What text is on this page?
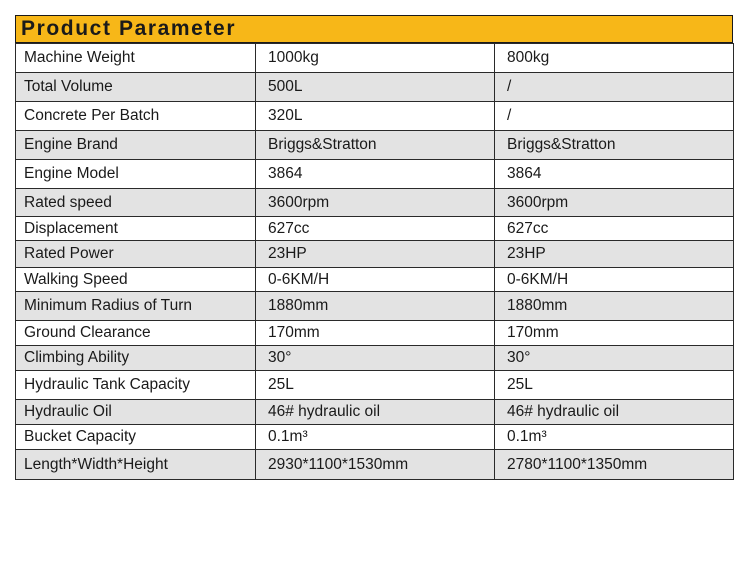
Product Parameter
Machine Weight	1000kg	800kg
Total Volume	500L	/
Concrete Per Batch	320L	/
Engine Brand	Briggs&Stratton	Briggs&Stratton
Engine Model	3864	3864
Rated speed	3600rpm	3600rpm
Displacement	627cc	627cc
Rated Power	23HP	23HP
Walking Speed	0-6KM/H	0-6KM/H
Minimum Radius of Turn	1880mm	1880mm
Ground Clearance	170mm	170mm
Climbing Ability	30°	30°
Hydraulic Tank Capacity	25L	25L
Hydraulic Oil	46# hydraulic oil	46# hydraulic oil
Bucket Capacity	0.1m³	0.1m³
Length*Width*Height	2930*1100*1530mm	2780*1100*1350mm
